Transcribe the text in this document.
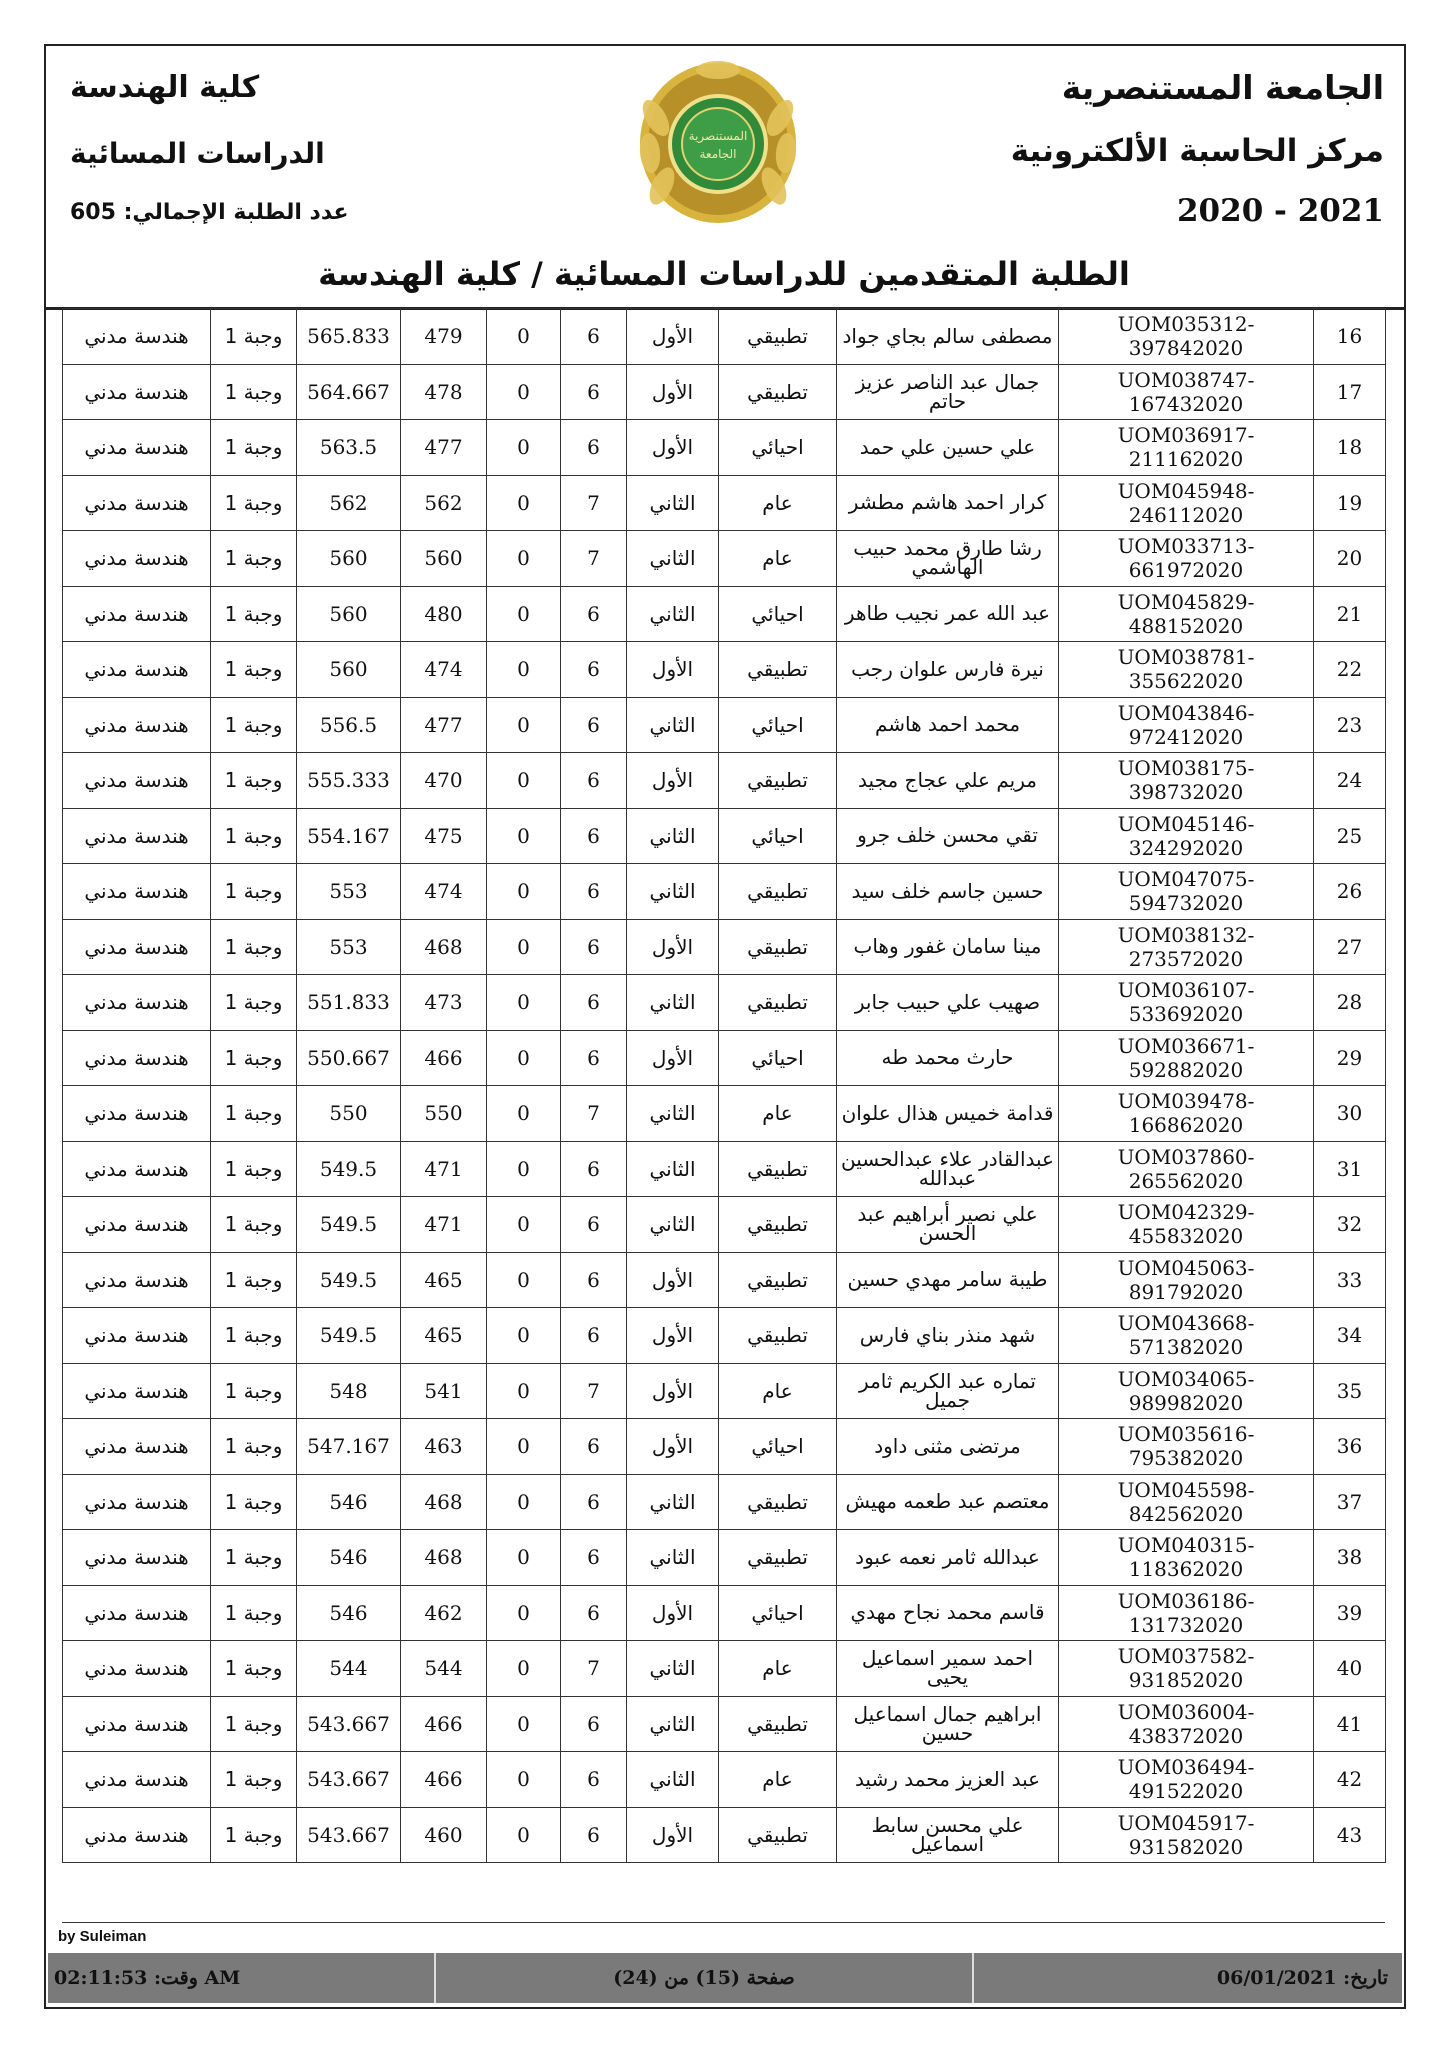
الجامعة المستنصرية
مركز الحاسبة الألكترونية
2020 - 2021
كلية الهندسة
الدراسات المسائية
عدد الطلبة الإجمالي: 605
المستنصرية
الجامعة
الطلبة المتقدمين للدراسات المسائية / كلية الهندسة
هندسة مدني	وجبة 1	565.833	479	0	6	الأول	تطبيقي	مصطفى سالم بجاي جواد	UOM035312-397842020	16
هندسة مدني	وجبة 1	564.667	478	0	6	الأول	تطبيقي	جمال عبد الناصر عزيز حاتم	UOM038747-167432020	17
هندسة مدني	وجبة 1	563.5	477	0	6	الأول	احيائي	علي حسين علي حمد	UOM036917-211162020	18
هندسة مدني	وجبة 1	562	562	0	7	الثاني	عام	كرار احمد هاشم مطشر	UOM045948-246112020	19
هندسة مدني	وجبة 1	560	560	0	7	الثاني	عام	رشا طارق محمد حبيب الهاشمي	UOM033713-661972020	20
هندسة مدني	وجبة 1	560	480	0	6	الثاني	احيائي	عبد الله عمر نجيب طاهر	UOM045829-488152020	21
هندسة مدني	وجبة 1	560	474	0	6	الأول	تطبيقي	نيرة فارس علوان رجب	UOM038781-355622020	22
هندسة مدني	وجبة 1	556.5	477	0	6	الثاني	احيائي	محمد احمد هاشم	UOM043846-972412020	23
هندسة مدني	وجبة 1	555.333	470	0	6	الأول	تطبيقي	مريم علي عجاج مجيد	UOM038175-398732020	24
هندسة مدني	وجبة 1	554.167	475	0	6	الثاني	احيائي	تقي محسن خلف جرو	UOM045146-324292020	25
هندسة مدني	وجبة 1	553	474	0	6	الثاني	تطبيقي	حسين جاسم خلف سيد	UOM047075-594732020	26
هندسة مدني	وجبة 1	553	468	0	6	الأول	تطبيقي	مينا سامان غفور وهاب	UOM038132-273572020	27
هندسة مدني	وجبة 1	551.833	473	0	6	الثاني	تطبيقي	صهيب علي حبيب جابر	UOM036107-533692020	28
هندسة مدني	وجبة 1	550.667	466	0	6	الأول	احيائي	حارث محمد طه	UOM036671-592882020	29
هندسة مدني	وجبة 1	550	550	0	7	الثاني	عام	قدامة خميس هذال علوان	UOM039478-166862020	30
هندسة مدني	وجبة 1	549.5	471	0	6	الثاني	تطبيقي	عبدالقادر علاء عبدالحسين عبدالله	UOM037860-265562020	31
هندسة مدني	وجبة 1	549.5	471	0	6	الثاني	تطبيقي	علي نصير أبراهيم عبد الحسن	UOM042329-455832020	32
هندسة مدني	وجبة 1	549.5	465	0	6	الأول	تطبيقي	طيبة سامر مهدي حسين	UOM045063-891792020	33
هندسة مدني	وجبة 1	549.5	465	0	6	الأول	تطبيقي	شهد منذر بناي فارس	UOM043668-571382020	34
هندسة مدني	وجبة 1	548	541	0	7	الأول	عام	تماره عبد الكريم ثامر جميل	UOM034065-989982020	35
هندسة مدني	وجبة 1	547.167	463	0	6	الأول	احيائي	مرتضى مثنى داود	UOM035616-795382020	36
هندسة مدني	وجبة 1	546	468	0	6	الثاني	تطبيقي	معتصم عبد طعمه مهيش	UOM045598-842562020	37
هندسة مدني	وجبة 1	546	468	0	6	الثاني	تطبيقي	عبدالله ثامر نعمه عبود	UOM040315-118362020	38
هندسة مدني	وجبة 1	546	462	0	6	الأول	احيائي	قاسم محمد نجاح مهدي	UOM036186-131732020	39
هندسة مدني	وجبة 1	544	544	0	7	الثاني	عام	احمد سمير اسماعيل يحيى	UOM037582-931852020	40
هندسة مدني	وجبة 1	543.667	466	0	6	الثاني	تطبيقي	ابراهيم جمال اسماعيل حسين	UOM036004-438372020	41
هندسة مدني	وجبة 1	543.667	466	0	6	الثاني	عام	عبد العزيز محمد رشيد	UOM036494-491522020	42
هندسة مدني	وجبة 1	543.667	460	0	6	الأول	تطبيقي	علي محسن سابط اسماعيل	UOM045917-931582020	43
by Suleiman
وقت: 02:11:53 AM	صفحة (15) من (24)	تاريخ: 06/01/2021
